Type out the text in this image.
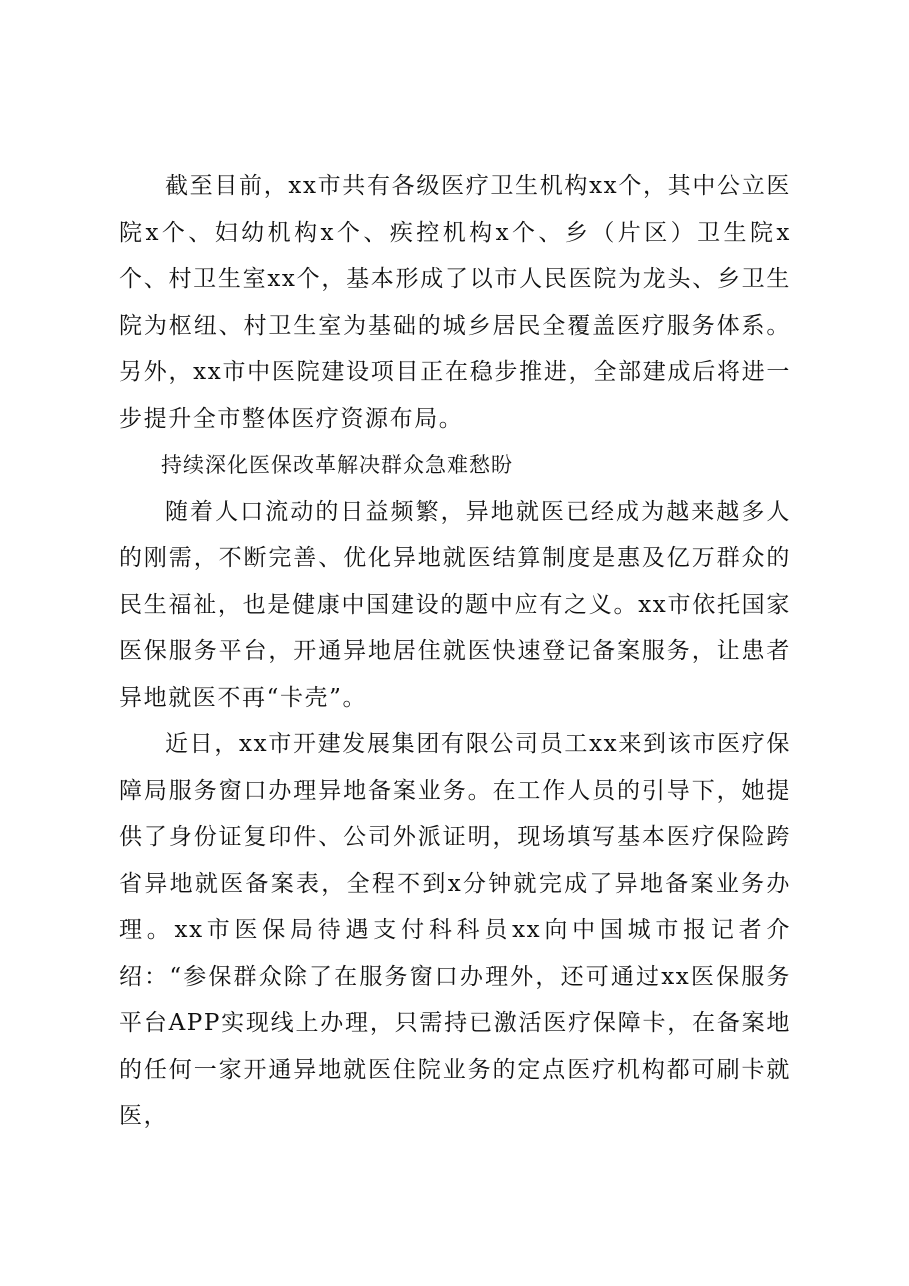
截至目前，xx市共有各级医疗卫生机构xx个，其中公立医院x个、妇幼机构x个、疾控机构x个、乡（片区）卫生院x个、村卫生室xx个，基本形成了以市人民医院为龙头、乡卫生院为枢纽、村卫生室为基础的城乡居民全覆盖医疗服务体系。另外，xx市中医院建设项目正在稳步推进，全部建成后将进一步提升全市整体医疗资源布局。

持续深化医保改革解决群众急难愁盼

随着人口流动的日益频繁，异地就医已经成为越来越多人的刚需，不断完善、优化异地就医结算制度是惠及亿万群众的民生福祉，也是健康中国建设的题中应有之义。xx市依托国家医保服务平台，开通异地居住就医快速登记备案服务，让患者异地就医不再“卡壳”。

近日，xx市开建发展集团有限公司员工xx来到该市医疗保障局服务窗口办理异地备案业务。在工作人员的引导下，她提供了身份证复印件、公司外派证明，现场填写基本医疗保险跨省异地就医备案表，全程不到x分钟就完成了异地备案业务办理。xx市医保局待遇支付科科员xx向中国城市报记者介绍：“参保群众除了在服务窗口办理外，还可通过xx医保服务平台APP实现线上办理，只需持已激活医疗保障卡，在备案地的任何一家开通异地就医住院业务的定点医疗机构都可刷卡就医，
